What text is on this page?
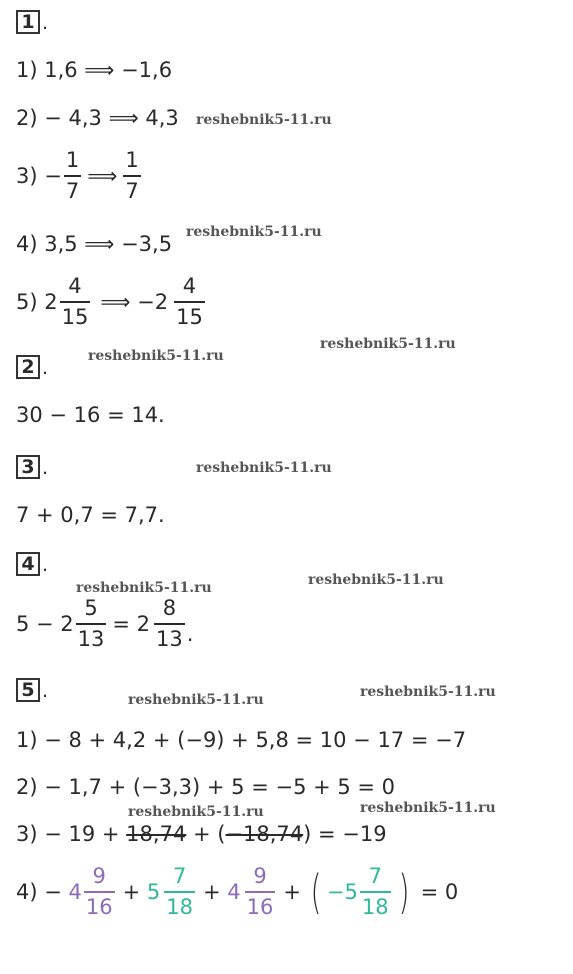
1 .
1) 1,6 ⟹ −1,6
2) − 4,3 ⟹ 4,3
$3) - \frac{1}{7}$ ⟹ $\frac{1}{7}$
4) 3,5 ⟹ −3,5
5) $2 \frac{4}{15}$ ⟹ $-2 \frac{4}{15}$
2 .
30 − 16 = 14.
3 .
7 + 0,7 = 7,7.
4 .
$5 - 2 \frac{5}{13} = 2 \frac{8}{13}$ .
5 .
1) − 8 + 4,2 + (−9) + 5,8 = 10 − 17 = −7
2) − 1,7 + (−3,3) + 5 = −5 + 5 = 0
3) − 19 + 18,74 + ( −18,74 ) = −19
$4) - 4 \frac{9}{16} + 5 \frac{7}{18} + 4 \frac{9}{16}$ + ( $-5 \frac{7}{18}$ ) = 0
reshebnik5-11.ru
reshebnik5-11.ru
reshebnik5-11.ru
reshebnik5-11.ru
reshebnik5-11.ru
reshebnik5-11.ru	reshebnik5-11.ru
reshebnik5-11.ru	reshebnik5-11.ru
reshebnik5-11.ru	reshebnik5-11.ru
